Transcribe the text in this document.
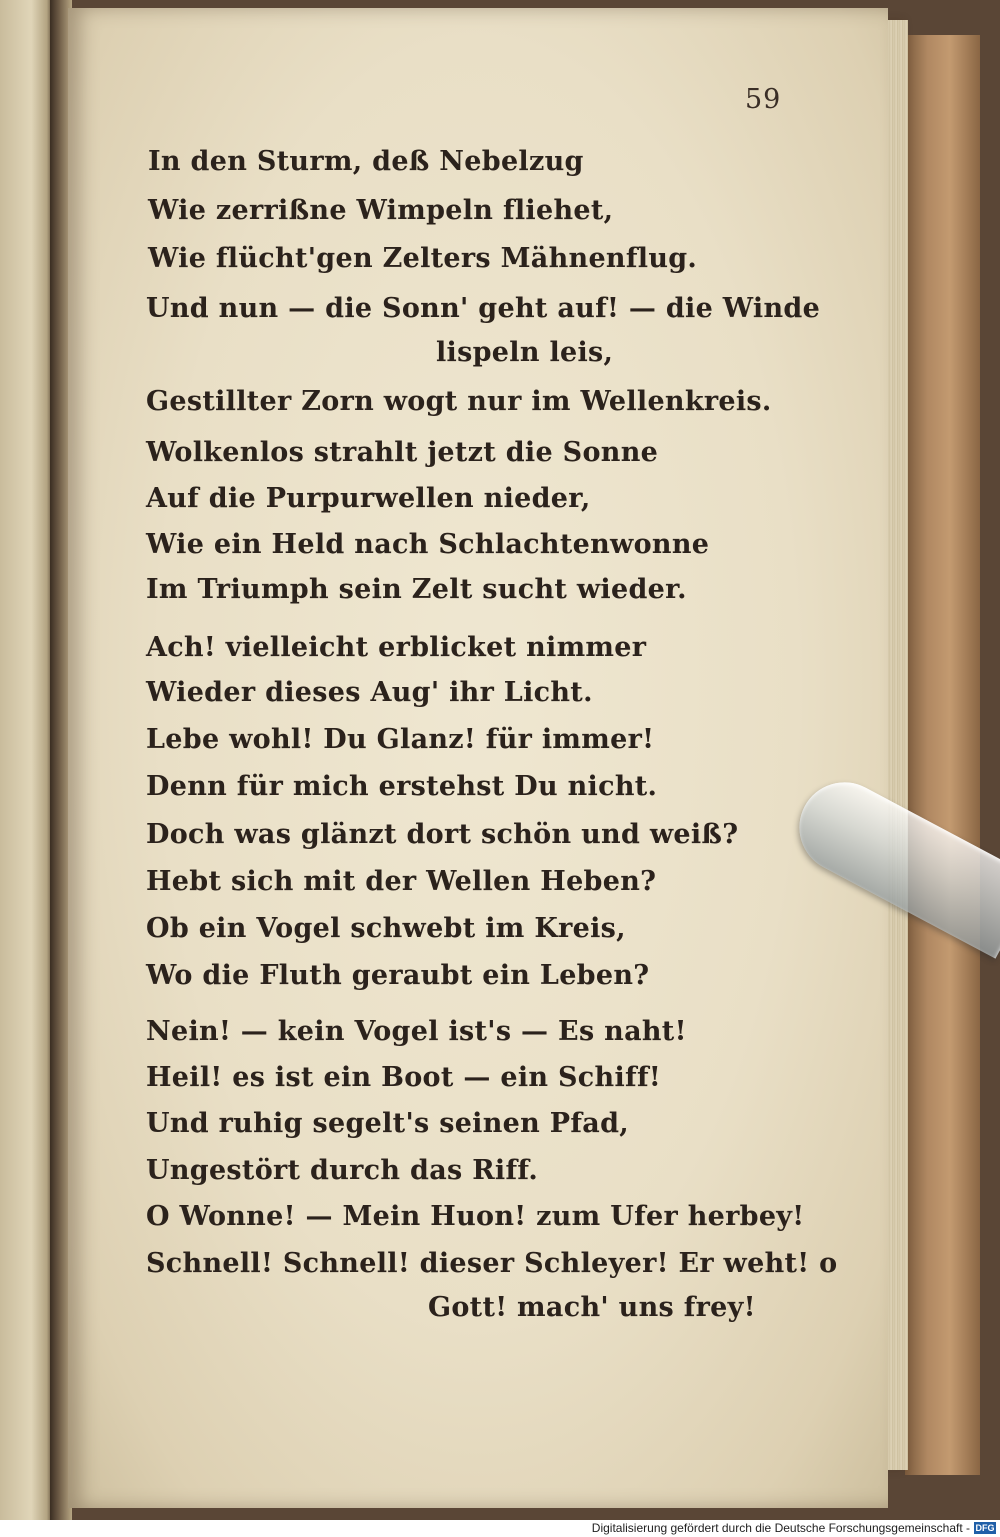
59
In den Sturm, deß Nebelzug
Wie zerrißne Wimpeln fliehet,
Wie flücht'gen Zelters Mähnenflug.
Und nun — die Sonn' geht auf! — die Winde
lispeln leis,
Gestillter Zorn wogt nur im Wellenkreis.
Wolkenlos strahlt jetzt die Sonne
Auf die Purpurwellen nieder,
Wie ein Held nach Schlachtenwonne
Im Triumph sein Zelt sucht wieder.
Ach! vielleicht erblicket nimmer
Wieder dieses Aug' ihr Licht.
Lebe wohl! Du Glanz! für immer!
Denn für mich erstehst Du nicht.
Doch was glänzt dort schön und weiß?
Hebt sich mit der Wellen Heben?
Ob ein Vogel schwebt im Kreis,
Wo die Fluth geraubt ein Leben?
Nein! — kein Vogel ist's — Es naht!
Heil! es ist ein Boot — ein Schiff!
Und ruhig segelt's seinen Pfad,
Ungestört durch das Riff.
O Wonne! — Mein Huon! zum Ufer herbey!
Schnell! Schnell! dieser Schleyer! Er weht! o
Gott! mach' uns frey!
Digitalisierung gefördert durch die Deutsche Forschungsgemeinschaft - DFG
